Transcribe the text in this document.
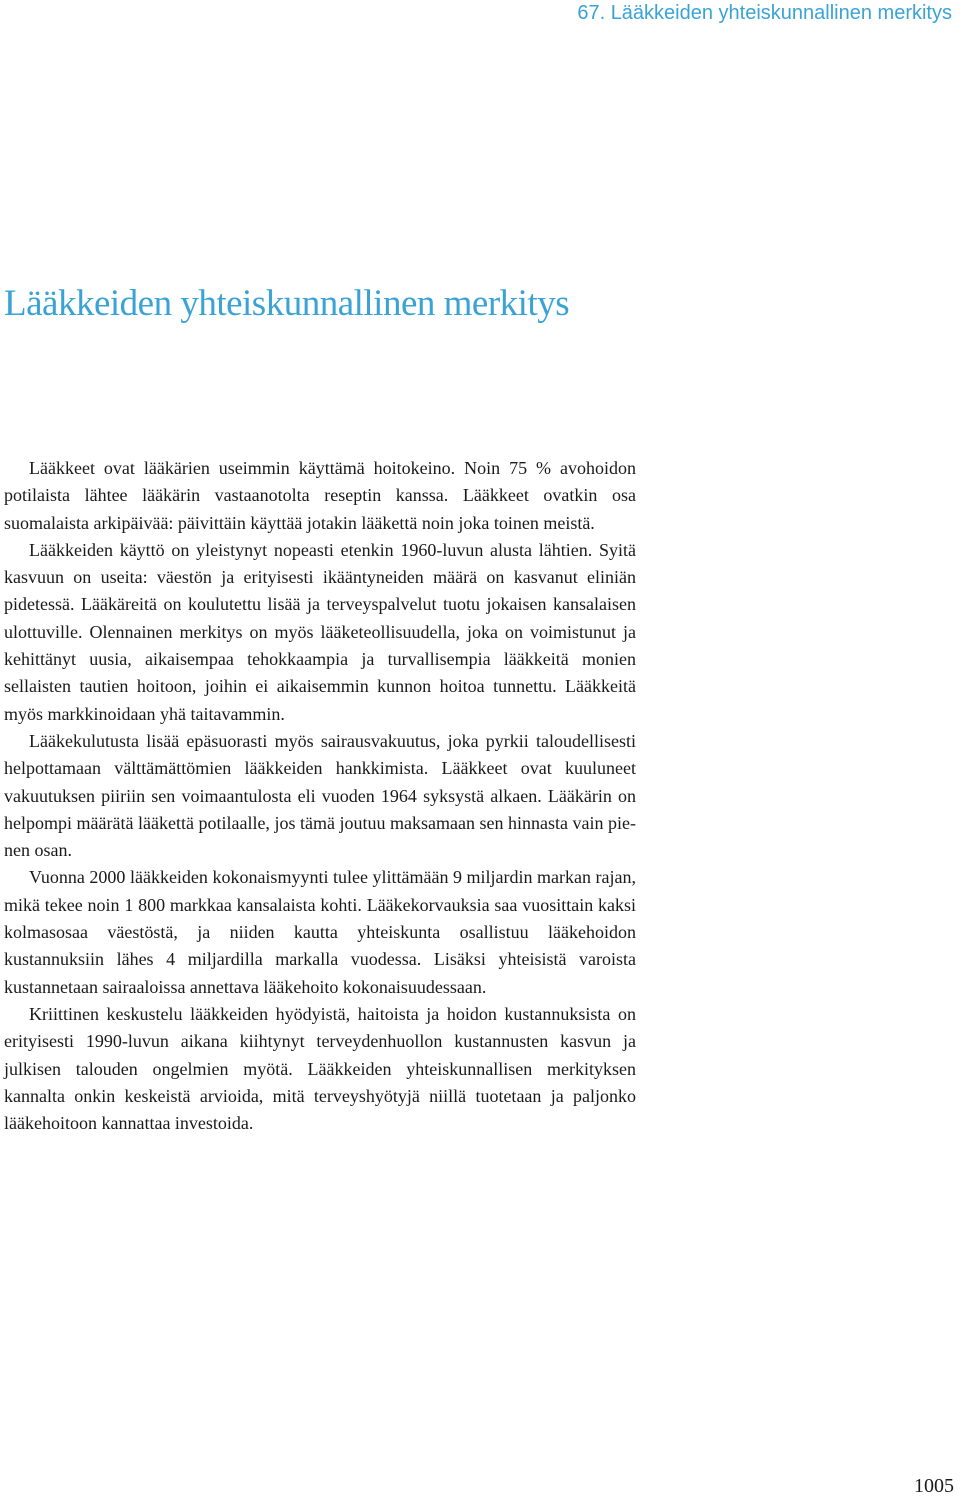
67. Lääkkeiden yhteiskunnallinen merkitys
Lääkkeiden yhteiskunnallinen merkitys

Lääkkeet ovat lääkärien useimmin käyttämä hoitokeino. Noin 75 % avohoidon potilaista lähtee lääkärin vastaanotolta reseptin kanssa. Lääkkeet ovatkin osa suomalaista arkipäivää: päivittäin käyttää jotakin lääkettä noin joka toinen meistä.

Lääkkeiden käyttö on yleistynyt nopeasti etenkin 1960-luvun alusta lähtien. Syitä kasvuun on useita: väestön ja erityisesti ikääntyneiden määrä on kasvanut eliniän pidetessä. Lääkäreitä on koulutettu lisää ja terveyspalvelut tuotu jokaisen kansalaisen ulottuville. Olennainen merkitys on myös lääketeollisuudella, joka on voimistunut ja kehittänyt uusia, aikaisempaa tehokkaampia ja turvallisempia lääkkeitä monien sellaisten tautien hoitoon, joihin ei aikaisemmin kunnon hoitoa tunnettu. Lääkkeitä myös markkinoidaan yhä taitavammin.

Lääkekulutusta lisää epäsuorasti myös sairausvakuutus, joka pyrkii taloudellisesti helpottamaan välttämättömien lääkkeiden hankkimista. Lääkkeet ovat kuuluneet vakuutuksen piiriin sen voimaantulosta eli vuoden 1964 syksystä alkaen. Lääkärin on helpompi määrätä lääkettä potilaalle, jos tämä joutuu maksamaan sen hinnasta vain pienen osan.

Vuonna 2000 lääkkeiden kokonaismyynti tulee ylittämään 9 miljardin markan rajan, mikä tekee noin 1 800 markkaa kansalaista kohti. Lääkekorvauksia saa vuosittain kaksi kolmasosaa väestöstä, ja niiden kautta yhteiskunta osallistuu lääkehoidon kustannuksiin lähes 4 miljardilla markalla vuodessa. Lisäksi yhteisistä varoista kustannetaan sairaaloissa annettava lääkehoito kokonaisuudessaan.

Kriittinen keskustelu lääkkeiden hyödyistä, haitoista ja hoidon kustannuksista on erityisesti 1990-luvun aikana kiihtynyt terveydenhuollon kustannusten kasvun ja julkisen talouden ongelmien myötä. Lääkkeiden yhteiskunnallisen merkityksen kannalta onkin keskeistä arvioida, mitä terveyshyötyjä niillä tuotetaan ja paljonko lääkehoitoon kannattaa investoida.

1005
